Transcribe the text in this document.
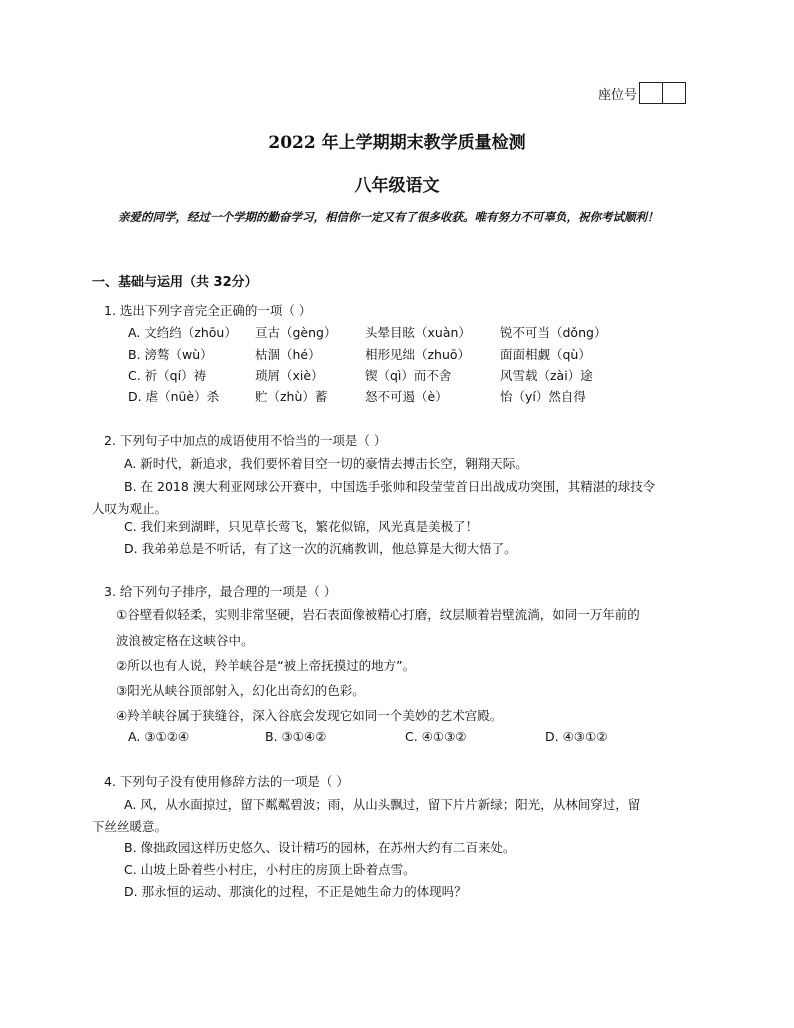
座位号
2022 年上学期期末教学质量检测
八年级语文
亲爱的同学，经过一个学期的勤奋学习，相信你一定又有了很多收获。唯有努力不可辜负，祝你考试顺利！
一、基础与运用（共 32分）
1. 选出下列字音完全正确的一项（ ）
A. 文绉绉（zhōu） 亘古（gèng） 头晕目眩（xuàn） 锐不可当（dǒng）
B. 滂骜（wù）	枯涸（hé）	相形见绌（zhuō） 面面相觑（qù）
C. 祈（qí）祷	琐屑（xiè）	锲（qì）而不舍	风雪载（zài）途
D. 虐（nüè）杀	贮（zhù）蓄	怒不可遏（è）	怡（yí）然自得
2. 下列句子中加点的成语使用不恰当的一项是（ ）
A. 新时代，新追求，我们要怀着目空一切的豪情去搏击长空，翱翔天际。
B. 在 2018 澳大利亚网球公开赛中，中国选手张帅和段莹莹首日出战成功突围，其精湛的球技令
人叹为观止。
C. 我们来到湖畔，只见草长莺飞，繁花似锦，风光真是美极了！
D. 我弟弟总是不听话，有了这一次的沉痛教训，他总算是大彻大悟了。
3. 给下列句子排序，最合理的一项是（ ）
①谷壁看似轻柔，实则非常坚硬，岩石表面像被精心打磨，纹层顺着岩壁流淌，如同一万年前的
波浪被定格在这峡谷中。
②所以也有人说，羚羊峡谷是“被上帝抚摸过的地方”。
③阳光从峡谷顶部射入，幻化出奇幻的色彩。
④羚羊峡谷属于狭缝谷，深入谷底会发现它如同一个美妙的艺术宫殿。
A. ③①②④	B. ③①④②	C. ④①③②	D. ④③①②
4. 下列句子没有使用修辞方法的一项是（ ）
A. 风，从水面掠过，留下粼粼碧波；雨，从山头飘过，留下片片新绿；阳光，从林间穿过，留
下丝丝暖意。
B. 像拙政园这样历史悠久、设计精巧的园林，在苏州大约有二百来处。
C. 山坡上卧着些小村庄，小村庄的房顶上卧着点雪。
D. 那永恒的运动、那演化的过程，不正是她生命力的体现吗？
